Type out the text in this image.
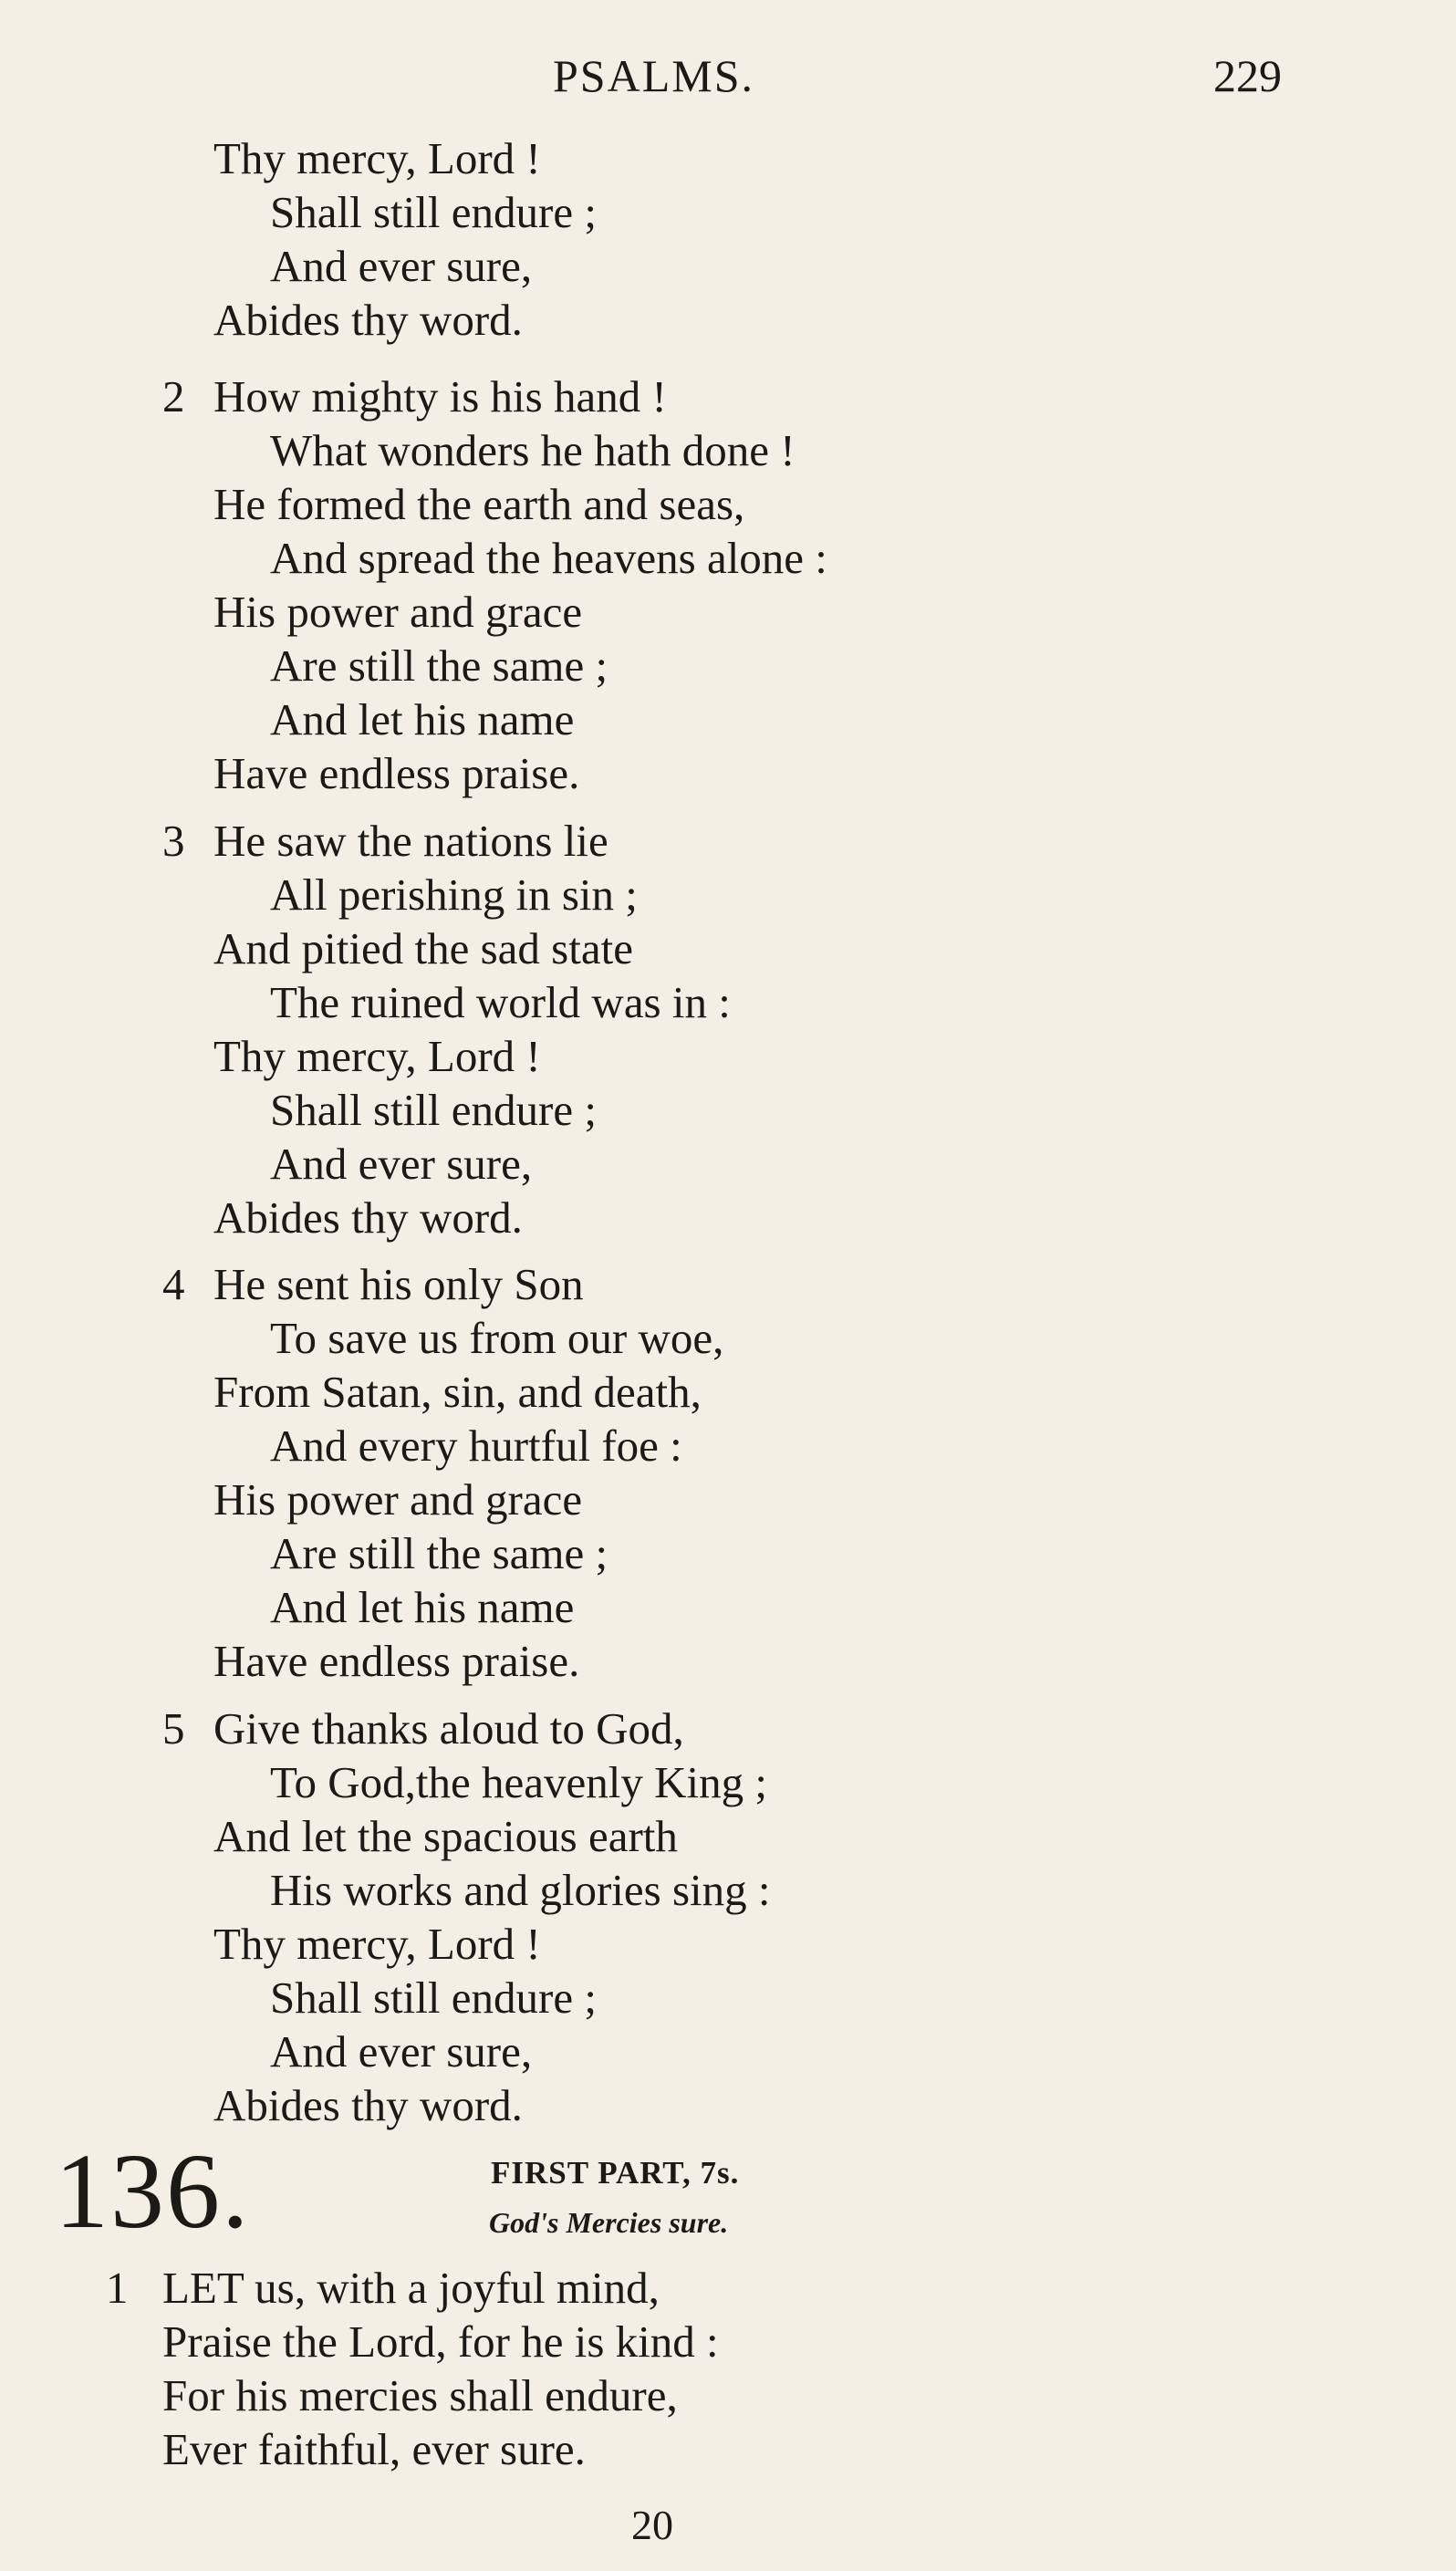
PSALMS.	229
Thy mercy, Lord !
Shall still endure ;
And ever sure,
Abides thy word.
2 How mighty is his hand !
What wonders he hath done !
He formed the earth and seas,
And spread the heavens alone :
His power and grace
Are still the same ;
And let his name
Have endless praise.
3 He saw the nations lie
All perishing in sin ;
And pitied the sad state
The ruined world was in :
Thy mercy, Lord !
Shall still endure ;
And ever sure,
Abides thy word.
4 He sent his only Son
To save us from our woe,
From Satan, sin, and death,
And every hurtful foe :
His power and grace
Are still the same ;
And let his name
Have endless praise.
5 Give thanks aloud to God,
To God,the heavenly King ;
And let the spacious earth
His works and glories sing :
Thy mercy, Lord !
Shall still endure ;
And ever sure,
Abides thy word.
136.	FIRST PART, 7s.
God's Mercies sure.
1 LET us, with a joyful mind,
Praise the Lord, for he is kind :
For his mercies shall endure,
Ever faithful, ever sure.
20
